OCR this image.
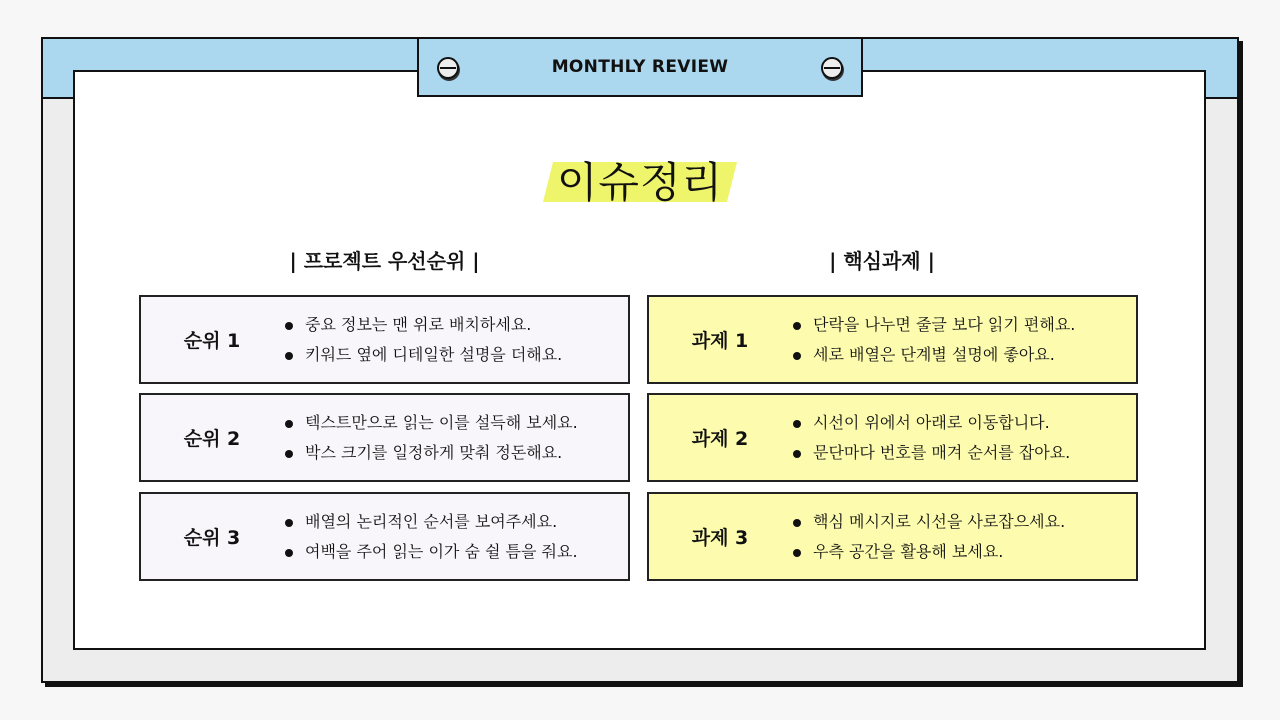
MONTHLY REVIEW
이슈정리
| 프로젝트 우선순위 |	| 핵심과제 |
순위 1
중요 정보는 맨 위로 배치하세요.
키워드 옆에 디테일한 설명을 더해요.
순위 2
텍스트만으로 읽는 이를 설득해 보세요.
박스 크기를 일정하게 맞춰 정돈해요.
순위 3
배열의 논리적인 순서를 보여주세요.
여백을 주어 읽는 이가 숨 쉴 틈을 줘요.
과제 1
단락을 나누면 줄글 보다 읽기 편해요.
세로 배열은 단계별 설명에 좋아요.
과제 2
시선이 위에서 아래로 이동합니다.
문단마다 번호를 매겨 순서를 잡아요.
과제 3
핵심 메시지로 시선을 사로잡으세요.
우측 공간을 활용해 보세요.
